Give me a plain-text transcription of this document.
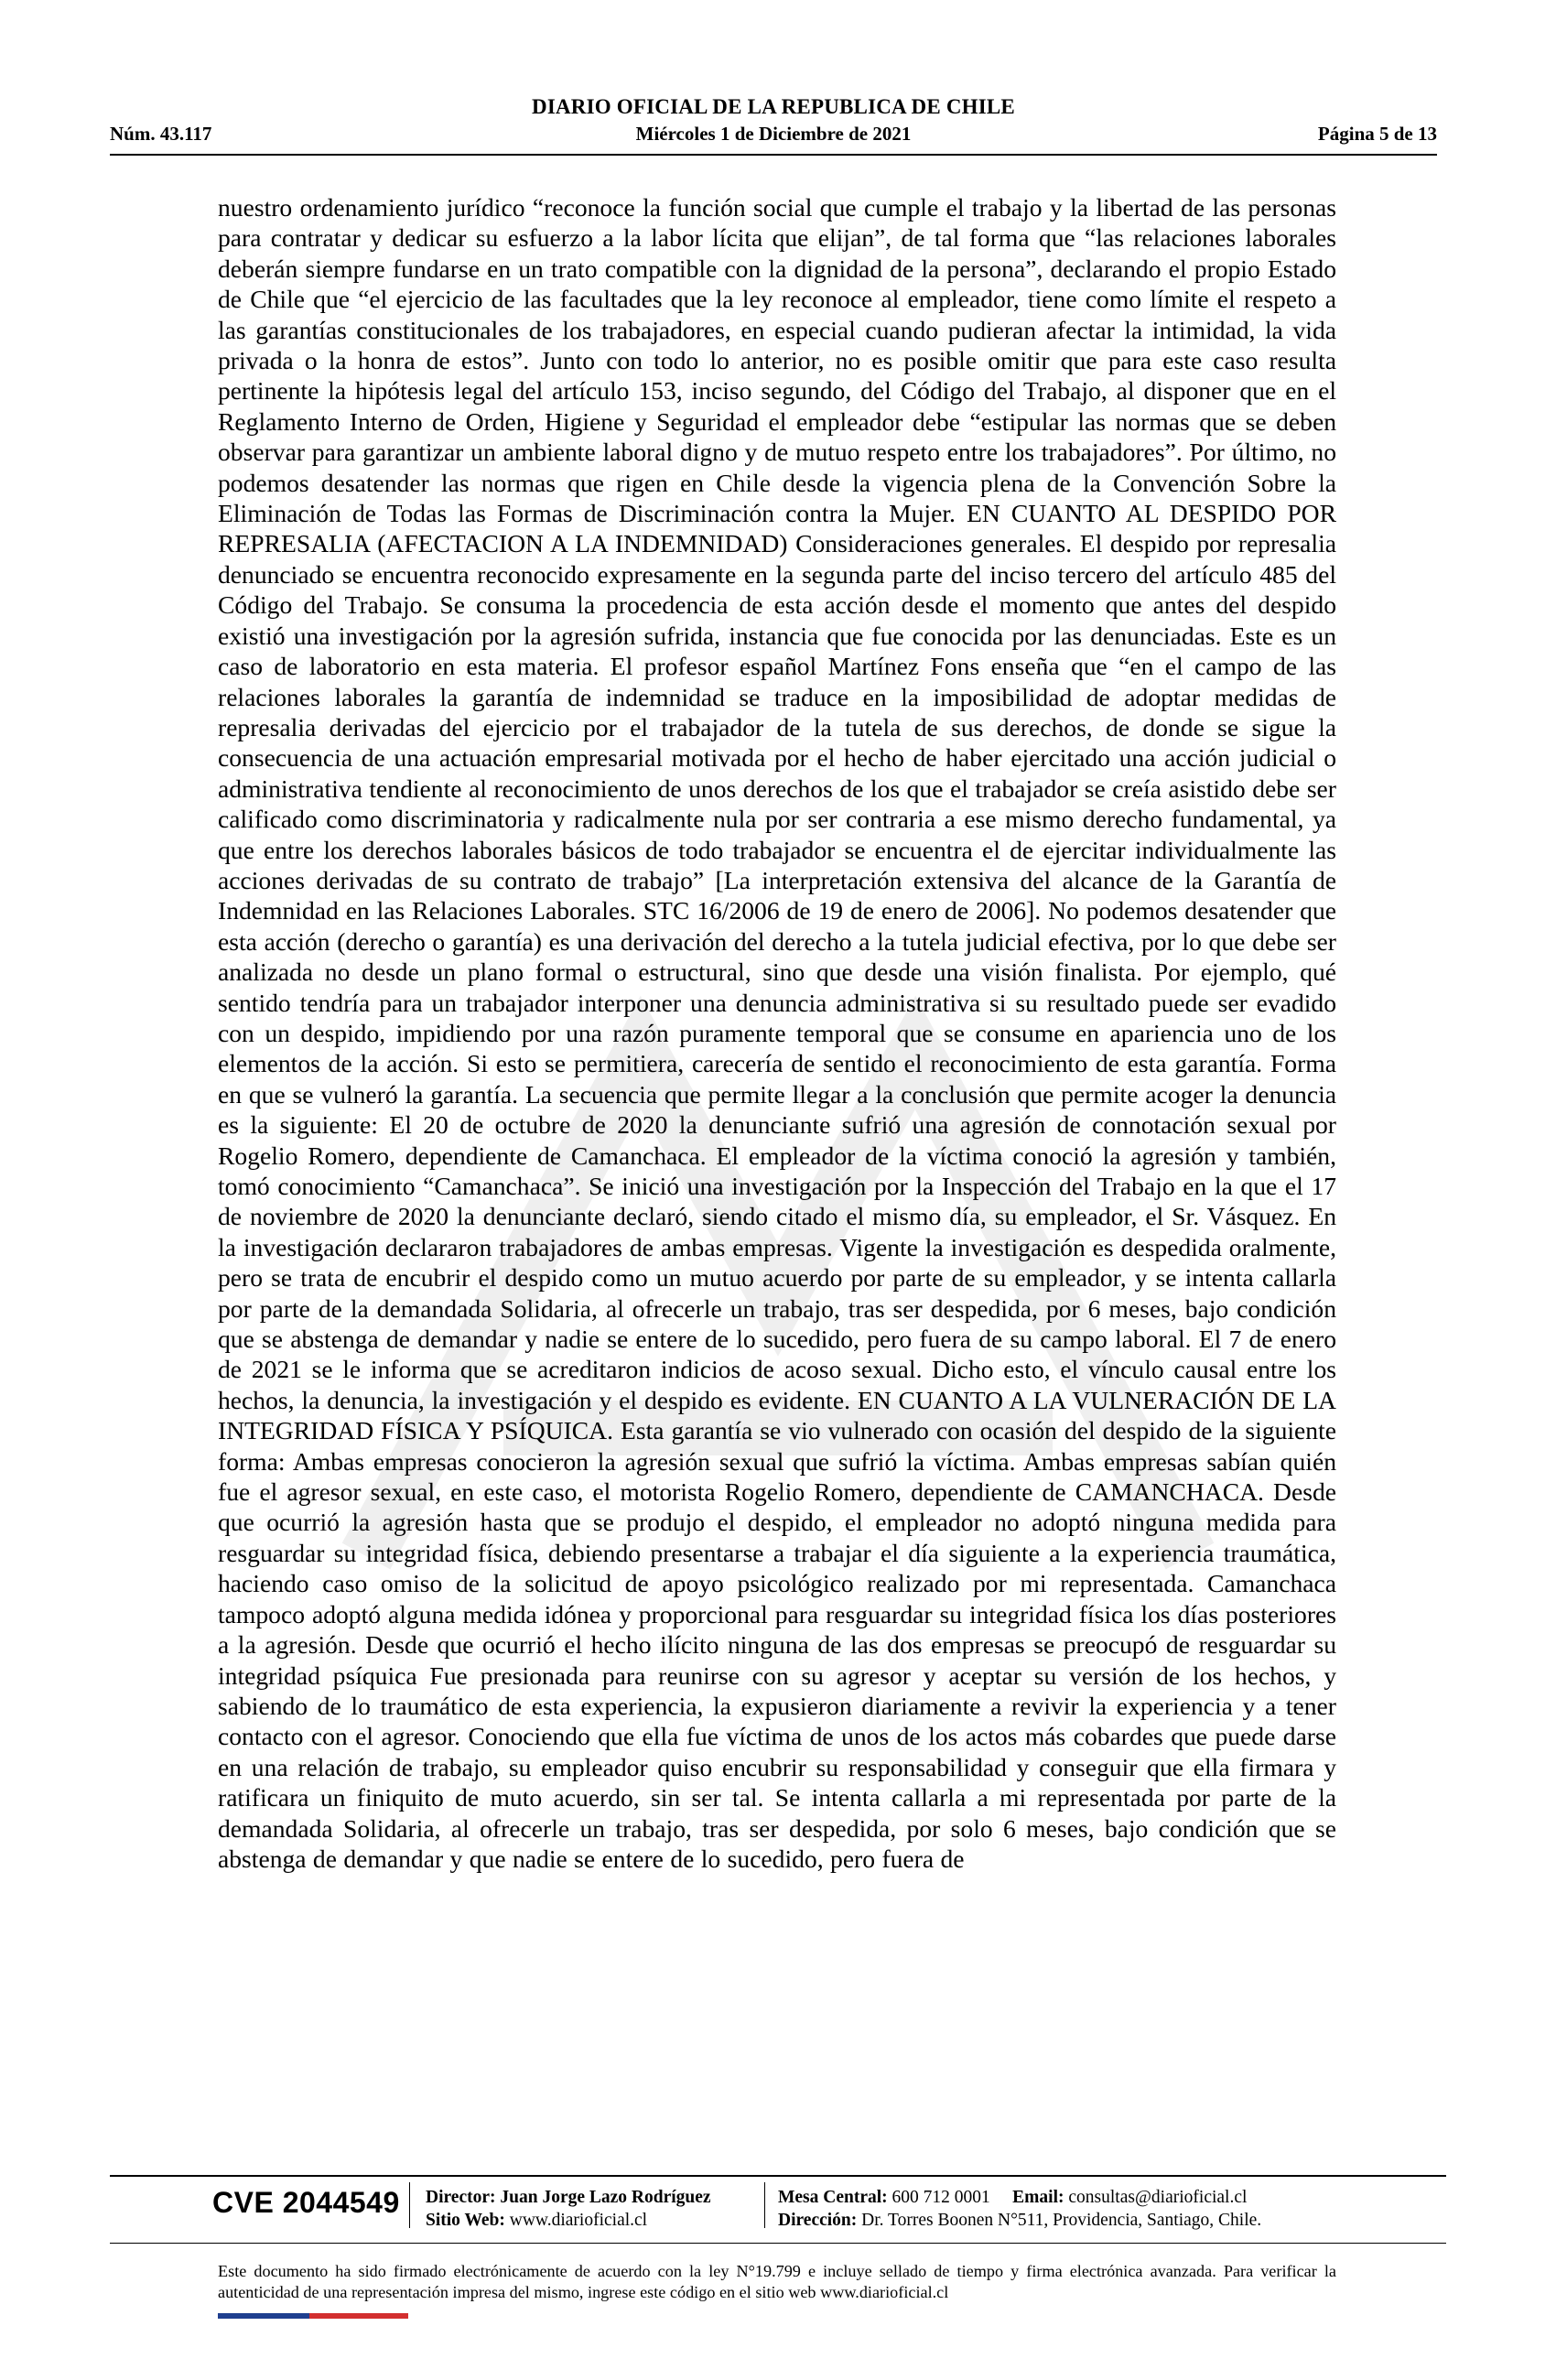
DIARIO OFICIAL DE LA REPUBLICA DE CHILE
Núm. 43.117	Miércoles 1 de Diciembre de 2021	Página 5 de 13
nuestro ordenamiento jurídico “reconoce la función social que cumple el trabajo y la libertad de las personas para contratar y dedicar su esfuerzo a la labor lícita que elijan”, de tal forma que “las relaciones laborales deberán siempre fundarse en un trato compatible con la dignidad de la persona”, declarando el propio Estado de Chile que “el ejercicio de las facultades que la ley reconoce al empleador, tiene como límite el respeto a las garantías constitucionales de los trabajadores, en especial cuando pudieran afectar la intimidad, la vida privada o la honra de estos”. Junto con todo lo anterior, no es posible omitir que para este caso resulta pertinente la hipótesis legal del artículo 153, inciso segundo, del Código del Trabajo, al disponer que en el Reglamento Interno de Orden, Higiene y Seguridad el empleador debe “estipular las normas que se deben observar para garantizar un ambiente laboral digno y de mutuo respeto entre los trabajadores”. Por último, no podemos desatender las normas que rigen en Chile desde la vigencia plena de la Convención Sobre la Eliminación de Todas las Formas de Discriminación contra la Mujer. EN CUANTO AL DESPIDO POR REPRESALIA (AFECTACION A LA INDEMNIDAD) Consideraciones generales. El despido por represalia denunciado se encuentra reconocido expresamente en la segunda parte del inciso tercero del artículo 485 del Código del Trabajo. Se consuma la procedencia de esta acción desde el momento que antes del despido existió una investigación por la agresión sufrida, instancia que fue conocida por las denunciadas. Este es un caso de laboratorio en esta materia. El profesor español Martínez Fons enseña que “en el campo de las relaciones laborales la garantía de indemnidad se traduce en la imposibilidad de adoptar medidas de represalia derivadas del ejercicio por el trabajador de la tutela de sus derechos, de donde se sigue la consecuencia de una actuación empresarial motivada por el hecho de haber ejercitado una acción judicial o administrativa tendiente al reconocimiento de unos derechos de los que el trabajador se creía asistido debe ser calificado como discriminatoria y radicalmente nula por ser contraria a ese mismo derecho fundamental, ya que entre los derechos laborales básicos de todo trabajador se encuentra el de ejercitar individualmente las acciones derivadas de su contrato de trabajo” [La interpretación extensiva del alcance de la Garantía de Indemnidad en las Relaciones Laborales. STC 16/2006 de 19 de enero de 2006]. No podemos desatender que esta acción (derecho o garantía) es una derivación del derecho a la tutela judicial efectiva, por lo que debe ser analizada no desde un plano formal o estructural, sino que desde una visión finalista. Por ejemplo, qué sentido tendría para un trabajador interponer una denuncia administrativa si su resultado puede ser evadido con un despido, impidiendo por una razón puramente temporal que se consume en apariencia uno de los elementos de la acción. Si esto se permitiera, carecería de sentido el reconocimiento de esta garantía. Forma en que se vulneró la garantía. La secuencia que permite llegar a la conclusión que permite acoger la denuncia es la siguiente: El 20 de octubre de 2020 la denunciante sufrió una agresión de connotación sexual por Rogelio Romero, dependiente de Camanchaca. El empleador de la víctima conoció la agresión y también, tomó conocimiento “Camanchaca”. Se inició una investigación por la Inspección del Trabajo en la que el 17 de noviembre de 2020 la denunciante declaró, siendo citado el mismo día, su empleador, el Sr. Vásquez. En la investigación declararon trabajadores de ambas empresas. Vigente la investigación es despedida oralmente, pero se trata de encubrir el despido como un mutuo acuerdo por parte de su empleador, y se intenta callarla por parte de la demandada Solidaria, al ofrecerle un trabajo, tras ser despedida, por 6 meses, bajo condición que se abstenga de demandar y nadie se entere de lo sucedido, pero fuera de su campo laboral. El 7 de enero de 2021 se le informa que se acreditaron indicios de acoso sexual. Dicho esto, el vínculo causal entre los hechos, la denuncia, la investigación y el despido es evidente. EN CUANTO A LA VULNERACIÓN DE LA INTEGRIDAD FÍSICA Y PSÍQUICA. Esta garantía se vio vulnerado con ocasión del despido de la siguiente forma: Ambas empresas conocieron la agresión sexual que sufrió la víctima. Ambas empresas sabían quién fue el agresor sexual, en este caso, el motorista Rogelio Romero, dependiente de CAMANCHACA. Desde que ocurrió la agresión hasta que se produjo el despido, el empleador no adoptó ninguna medida para resguardar su integridad física, debiendo presentarse a trabajar el día siguiente a la experiencia traumática, haciendo caso omiso de la solicitud de apoyo psicológico realizado por mi representada. Camanchaca tampoco adoptó alguna medida idónea y proporcional para resguardar su integridad física los días posteriores a la agresión. Desde que ocurrió el hecho ilícito ninguna de las dos empresas se preocupó de resguardar su integridad psíquica Fue presionada para reunirse con su agresor y aceptar su versión de los hechos, y sabiendo de lo traumático de esta experiencia, la expusieron diariamente a revivir la experiencia y a tener contacto con el agresor. Conociendo que ella fue víctima de unos de los actos más cobardes que puede darse en una relación de trabajo, su empleador quiso encubrir su responsabilidad y conseguir que ella firmara y ratificara un finiquito de muto acuerdo, sin ser tal. Se intenta callarla a mi representada por parte de la demandada Solidaria, al ofrecerle un trabajo, tras ser despedida, por solo 6 meses, bajo condición que se abstenga de demandar y que nadie se entere de lo sucedido, pero fuera de
CVE 2044549 Director: Juan Jorge Lazo Rodríguez
Sitio Web: www.diarioficial.cl
Mesa Central: 600 712 0001 Email: consultas@diarioficial.cl
Dirección: Dr. Torres Boonen N°511, Providencia, Santiago, Chile.
Este documento ha sido firmado electrónicamente de acuerdo con la ley N°19.799 e incluye sellado de tiempo y firma electrónica avanzada. Para verificar la autenticidad de una representación impresa del mismo, ingrese este código en el sitio web www.diarioficial.cl
